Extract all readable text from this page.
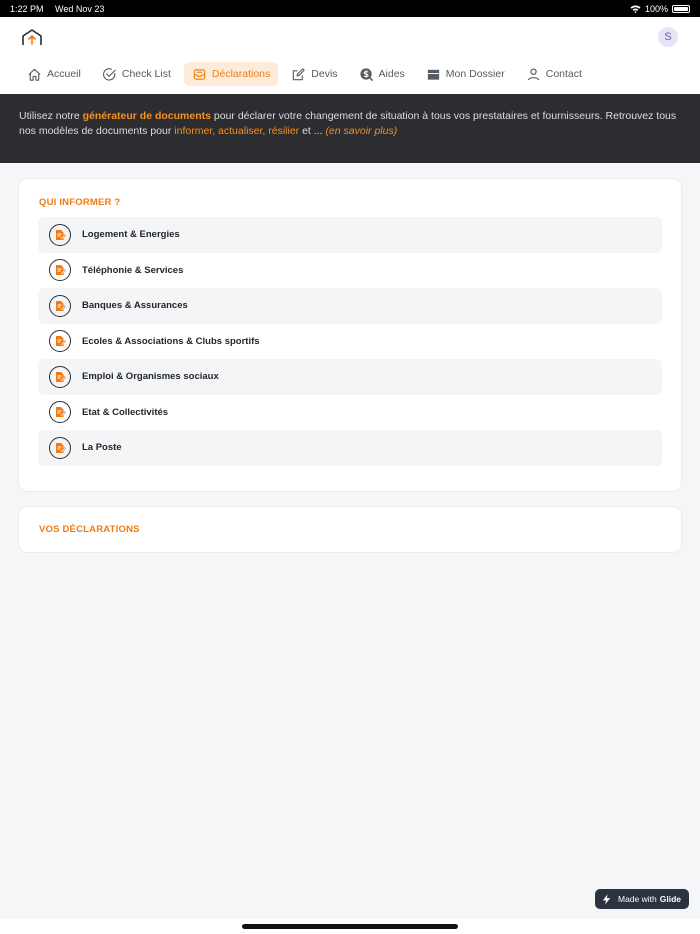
1:22 PM Wed Nov 23	100%
S
Accueil	Check List	Déclarations	Devis	Aides	Mon Dossier	Contact
Utilisez notre générateur de documents pour déclarer votre changement de situation à tous vos prestataires et fournisseurs. Retrouvez tous nos modèles de documents pour informer, actualiser, résilier et ... (en savoir plus)
QUI INFORMER ?
Logement & Energies
Téléphonie & Services
Banques & Assurances
Ecoles & Associations & Clubs sportifs
Emploi & Organismes sociaux
Etat & Collectivités
La Poste
VOS DÉCLARATIONS
Made with Glide
